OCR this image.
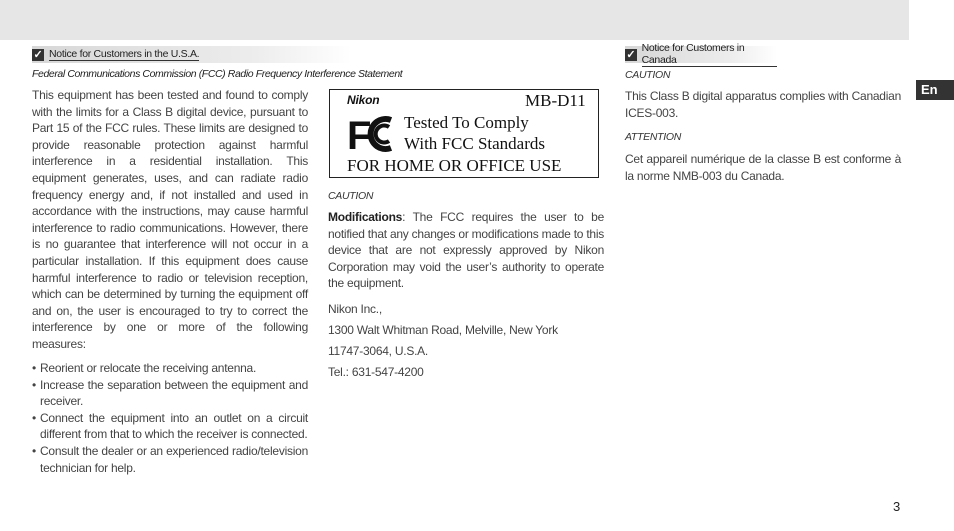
✓ Notice for Customers in the U.S.A.
Federal Communications Commission (FCC) Radio Frequency Interference Statement
This equipment has been tested and found to comply with the limits for a Class B digital device, pursuant to Part 15 of the FCC rules. These limits are designed to provide reasonable protection against harmful interference in a residential installation. This equipment generates, uses, and can radiate radio frequency energy and, if not installed and used in accordance with the instructions, may cause harmful interference to radio communications. However, there is no guarantee that interference will not occur in a particular installation. If this equipment does cause harmful interference to radio or television reception, which can be determined by turning the equipment off and on, the user is encouraged to try to correct the interference by one or more of the following measures:
• Reorient or relocate the receiving antenna.
• Increase the separation between the equipment and receiver.
• Connect the equipment into an outlet on a circuit different from that to which the receiver is connected.
• Consult the dealer or an experienced radio/television technician for help.
Nikon	MB-D11
F Tested To Comply
With FCC Standards
FOR HOME OR OFFICE USE
CAUTION
Modifications: The FCC requires the user to be notified that any changes or modifications made to this device that are not expressly approved by Nikon Corporation may void the user’s authority to operate the equipment.
Nikon Inc.,
1300 Walt Whitman Road, Melville, New York
11747-3064, U.S.A.
Tel.: 631-547-4200
✓
Notice for Customers in Canada
CAUTION
This Class B digital apparatus complies with Canadian ICES-003.
ATTENTION
Cet appareil numérique de la classe B est conforme à la norme NMB-003 du Canada.
En
3
